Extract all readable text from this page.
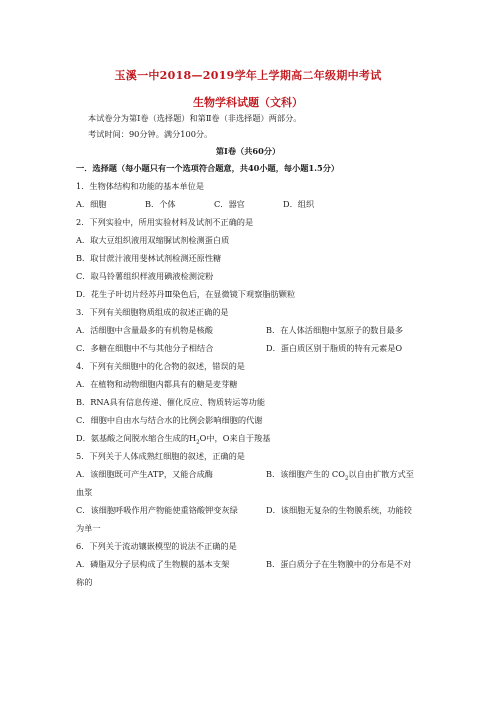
玉溪一中2018—2019学年上学期高二年级期中考试
生物学科试题（文科）
本试卷分为第Ⅰ卷（选择题）和第Ⅱ卷（非选择题）两部分。
考试时间：90分钟。满分100分。
第Ⅰ卷（共60分）
一．选择题（每小题只有一个选项符合题意，共40小题，每小题1.5分）
1．生物体结构和功能的基本单位是
A．细胞	B．个体	C．器官	D．组织
2．下列实验中，所用实验材料及试剂不正确的是
A．取大豆组织液用双缩脲试剂检测蛋白质
B．取甘蔗汁液用斐林试剂检测还原性糖
C．取马铃薯组织样液用碘液检测淀粉
D．花生子叶切片经苏丹Ⅲ染色后，在显微镜下观察脂肪颗粒
3．下列有关细胞物质组成的叙述正确的是
A．活细胞中含量最多的有机物是核酸	B．在人体活细胞中氢原子的数目最多
C．多糖在细胞中不与其他分子相结合	D．蛋白质区别于脂质的特有元素是O
4．下列有关细胞中的化合物的叙述，错误的是
A．在植物和动物细胞内都具有的糖是麦芽糖
B．RNA具有信息传递、催化反应、物质转运等功能
C．细胞中自由水与结合水的比例会影响细胞的代谢
D．氨基酸之间脱水缩合生成的$H_2O$中，O来自于羧基
5．下列关于人体成熟红细胞的叙述，正确的是
A．该细胞既可产生ATP，又能合成酶	B．该细胞产生的 $CO_2$以自由扩散方式至
血浆
C．该细胞呼吸作用产物能使重铬酸钾变灰绿	D．该细胞无复杂的生物膜系统，功能较
为单一
6．下列关于流动镶嵌模型的说法不正确的是
A．磷脂双分子层构成了生物膜的基本支架	B．蛋白质分子在生物膜中的分布是不对
称的
